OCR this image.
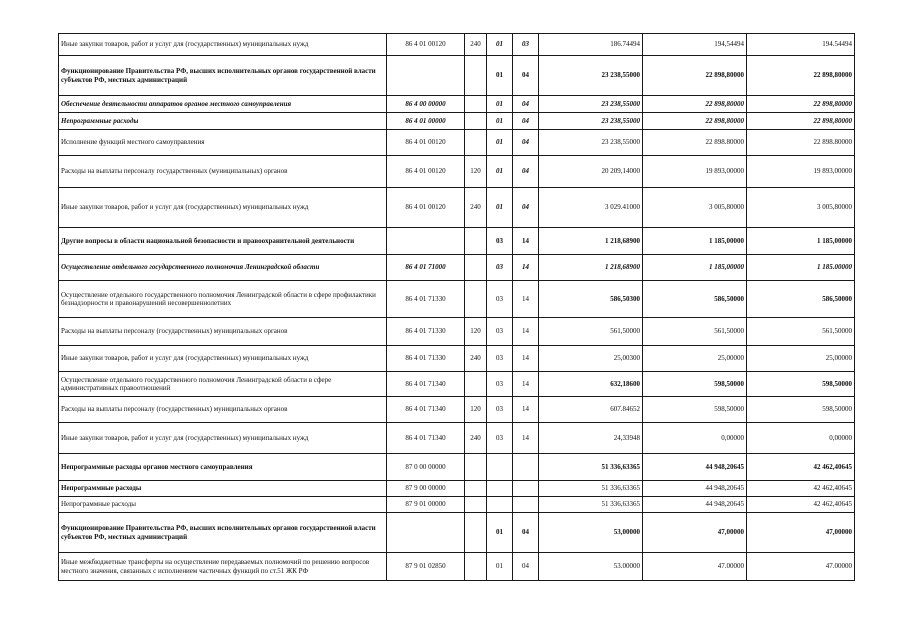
Иные закупки товаров, работ и услуг для (государственных) муниципальных нужд	86 4 01 00120	240	01	03	186.74494	194,54494	194.54494
Функционирование Правительства РФ, высших исполнительных органов государственной власти субъектов РФ, местных администраций			01	04	23 238,55000	22 898,80000	22 898,80000
Обеспечение деятельности аппаратов органов местного самоуправления	86 4 00 00000		01	04	23 238,55000	22 898,80000	22 898,80000
Непрограммные расходы	86 4 01 00000		01	04	23 238,55000	22 898,80000	22 898,80000
Исполнение функций местного самоуправления	86 4 01 00120		01	04	23 238,55000	22 898.80000	22 898.80000
Расходы на выплаты персоналу государственных (муниципальных) органов	86 4 01 00120	120	01	04	20 209,14000	19 893,00000	19 893,00000
Иные закупки товаров, работ и услуг для (государственных) муниципальных нужд	86 4 01 00120	240	01	04	3 029.41000	3 005,80000	3 005,80000
Другие вопросы в области национальной безопасности и правоохранительной деятельности			03	14	1 218,68900	1 185,00000	1 185,00000
Осуществление отдельного государственного полномочия Ленинградской области	86 4 01 71000		03	14	1 218,68900	1 185,00000	1 185.00000
Осуществление отдельного государственного полномочия Ленинградской области в сфере профилактики безнадзорности и правонарушений несовершеннолетних	86 4 01 71330		03	14	586,50300	586,50000	586,50000
Расходы на выплаты персоналу (государственных) муниципальных органов	86 4 01 71330	120	03	14	561,50000	561,50000	561,50000
Иные закупки товаров, работ и услуг для (государственных) муниципальных нужд	86 4 01 71330	240	03	14	25,00300	25,00000	25,00000
Осуществление отдельного государственного полномочия Ленинградской области в сфере административных правоотношений	86 4 01 71340		03	14	632,18600	598,50000	598,50000
Расходы на выплаты персоналу (государственных) муниципальных органов	86 4 01 71340	120	03	14	607.84652	598,50000	598,50000
Иные закупки товаров, работ и услуг для (государственных) муниципальных нужд	86 4 01 71340	240	03	14	24,33948	0,00000	0,00000
Непрограммные расходы органов местного самоуправления	87 0 00 00000				51 336,63365	44 948,20645	42 462,40645
Непрограммные расходы	87 9 00 00000				51 336,63365	44 948,20645	42 462,40645
Непрограммные расходы	87 9 01 00000				51 336,63365	44 948,20645	42 462,40645
Функционирование Правительства РФ, высших исполнительных органов государственной власти субъектов РФ, местных администраций			01	04	53,00000	47,00000	47,00000
Иные межбюджетные трансферты на осуществление передаваемых полномочий по решению вопросов местного значения, связанных с исполнением частичных функций по ст.51 ЖК РФ	87 9 01 02850		01	04	53.00000	47.00000	47.00000
